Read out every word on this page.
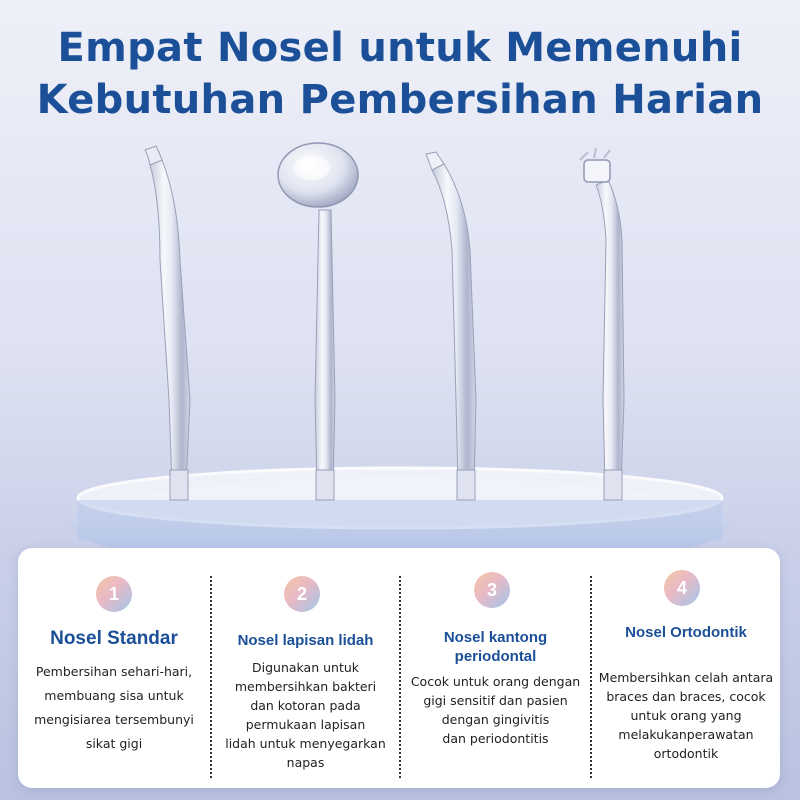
Empat Nosel untuk Memenuhi
Kebutuhan Pembersihan Harian
1
Nosel Standar
Pembersihan sehari-hari,
membuang sisa untuk
mengisiarea tersembunyi
sikat gigi
2
Nosel lapisan lidah
Digunakan untuk
membersihkan bakteri
dan kotoran pada
permukaan lapisan
lidah untuk menyegarkan
napas
3
Nosel kantong
periodontal
Cocok untuk orang dengan
gigi sensitif dan pasien
dengan gingivitis
dan periodontitis
4
Nosel Ortodontik
Membersihkan celah antara
braces dan braces, cocok
untuk orang yang
melakukanperawatan
ortodontik
